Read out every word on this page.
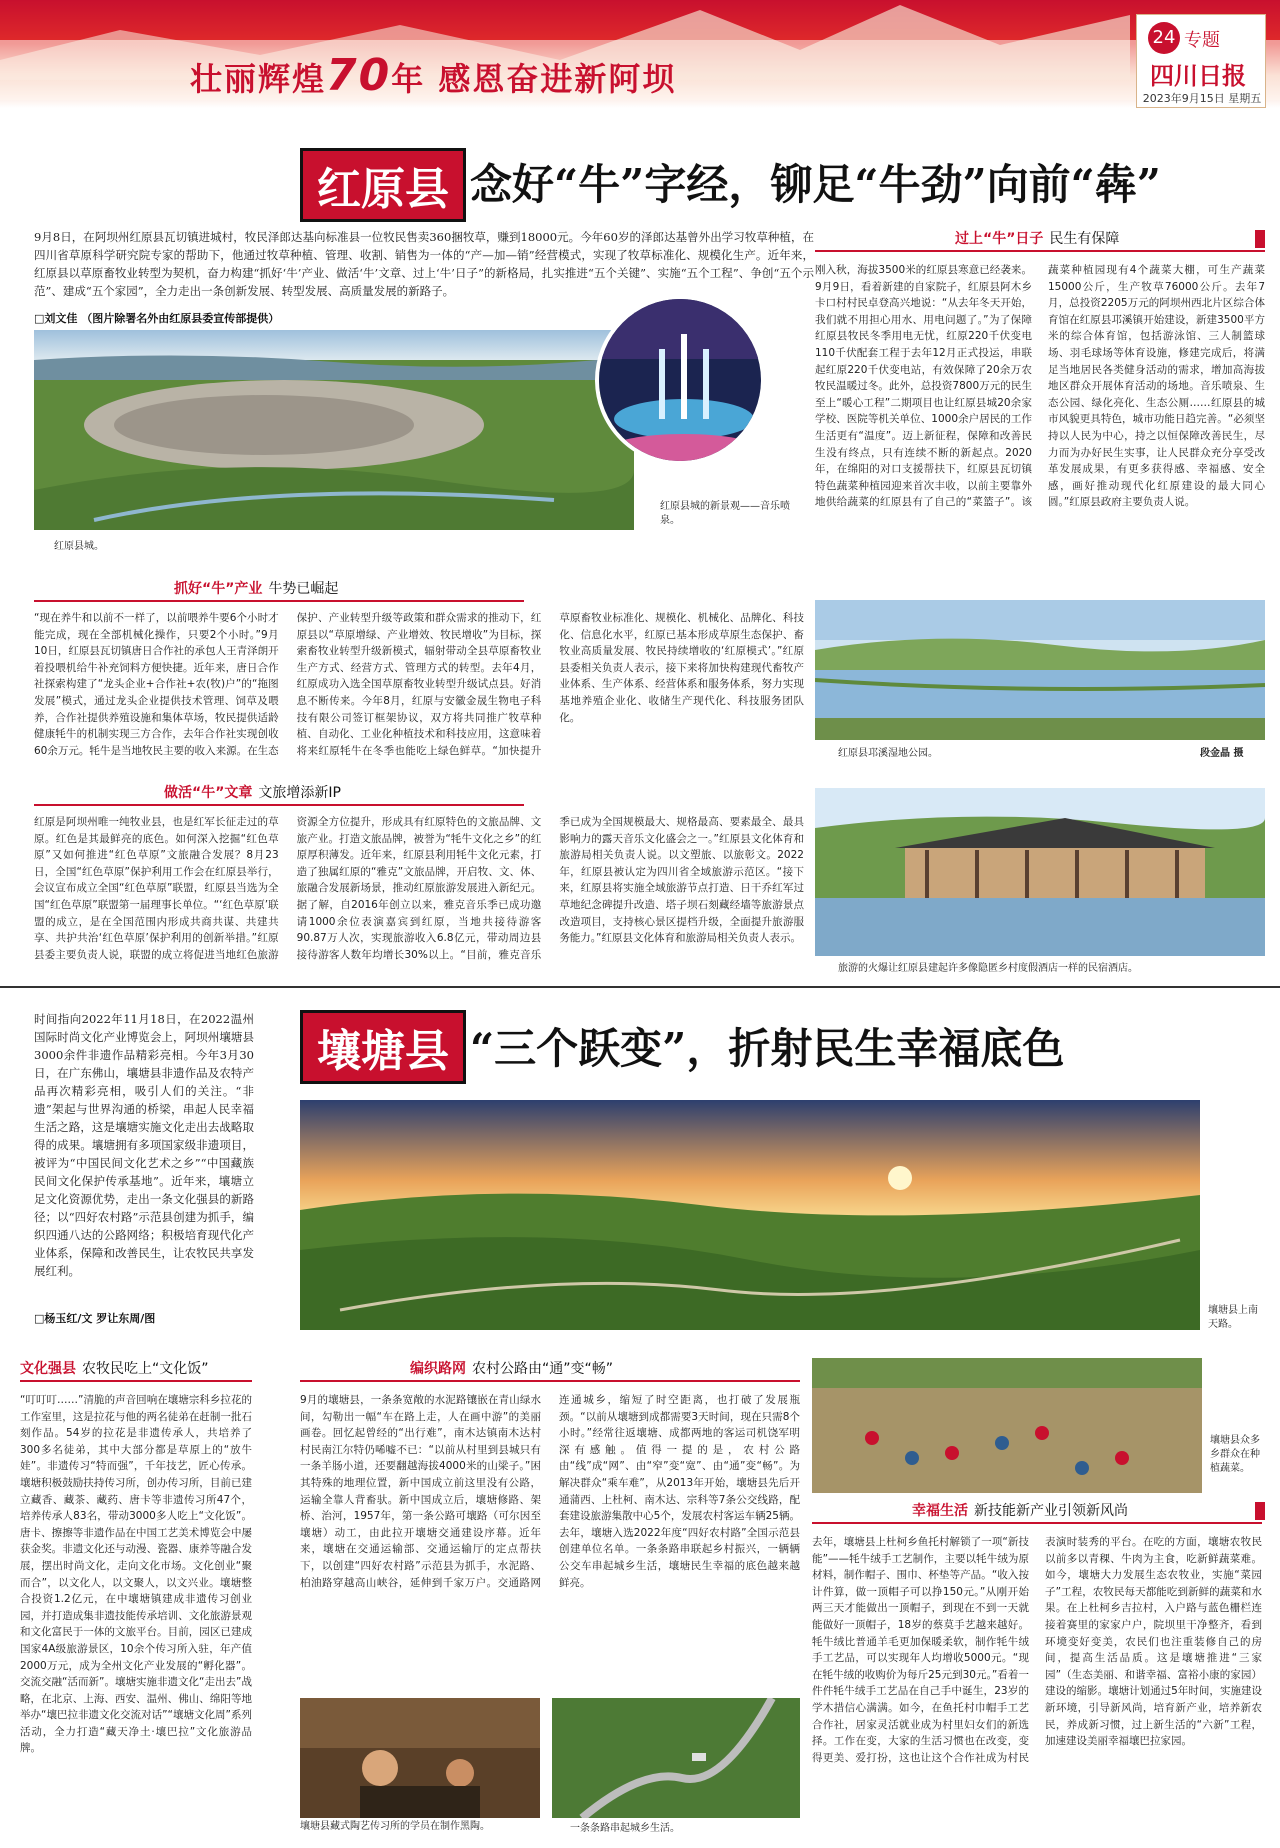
壮丽辉煌70年 感恩奋进新阿坝
24 专题
四川日报
2023年9月15日 星期五
红原县 念好“牛”字经，铆足“牛劲”向前“犇”
9月8日，在阿坝州红原县瓦切镇进城村，牧民泽郎达基向标准县一位牧民售卖360捆牧草，赚到18000元。今年60岁的泽郎达基曾外出学习牧草种植，在四川省草原科学研究院专家的帮助下，他通过牧草种植、管理、收割、销售为一体的“产—加—销”经营模式，实现了牧草标准化、规模化生产。近年来，红原县以草原畜牧业转型为契机，奋力构建“抓好‘牛’产业、做活‘牛’文章、过上‘牛’日子”的新格局，扎实推进“五个关键”、实施“五个工程”、争创“五个示范”、建成“五个家园”，全力走出一条创新发展、转型发展、高质量发展的新路子。
□刘文佳 （图片除署名外由红原县委宣传部提供）
红原县城。
红原县城的新景观——音乐喷泉。
过上“牛”日子 民生有保障
刚入秋，海拔3500米的红原县寒意已经袭来。9月9日，看着新建的自家院子，红原县阿木乡卡口村村民卓登高兴地说：“从去年冬天开始，我们就不用担心用水、用电问题了。”为了保障红原县牧民冬季用电无忧，红原220千伏变电110千伏配套工程于去年12月正式投运，串联起红原220千伏变电站，有效保障了20余万农牧民温暖过冬。此外，总投资7800万元的民生至上“暖心工程”二期项目也让红原县城20余家学校、医院等机关单位、1000余户居民的工作生活更有“温度”。迈上新征程，保障和改善民生没有终点，只有连续不断的新起点。2020年，在绵阳的对口支援帮扶下，红原县瓦切镇特色蔬菜种植园迎来首次丰收，以前主要靠外地供给蔬菜的红原县有了自己的“菜篮子”。该蔬菜种植园现有4个蔬菜大棚，可生产蔬菜15000公斤，生产牧草76000公斤。去年7月，总投资2205万元的阿坝州西北片区综合体育馆在红原县邛溪镇开始建设，新建3500平方米的综合体育馆，包括游泳馆、三人制篮球场、羽毛球场等体育设施，修建完成后，将满足当地居民各类健身活动的需求，增加高海拔地区群众开展体育活动的场地。音乐喷泉、生态公园、绿化亮化、生态公厕……红原县的城市风貌更具特色，城市功能日趋完善。“必须坚持以人民为中心，持之以恒保障改善民生，尽力而为办好民生实事，让人民群众充分享受改革发展成果，有更多获得感、幸福感、安全感，画好推动现代化红原建设的最大同心圆。”红原县政府主要负责人说。
抓好“牛”产业 牛势已崛起
“现在养牛和以前不一样了，以前喂养牛要6个小时才能完成，现在全部机械化操作，只要2个小时。”9月10日，红原县瓦切镇唐日合作社的承包人王青泽朗开着投喂机给牛补充饲料方便快捷。近年来，唐日合作社探索构建了“龙头企业+合作社+农(牧)户”的“拖图发展”模式，通过龙头企业提供技术管理、饲草及喂养，合作社提供养殖设施和集体草场，牧民提供适龄健康牦牛的机制实现三方合作，去年合作社实现创收60余万元。牦牛是当地牧民主要的收入来源。在生态保护、产业转型升级等政策和群众需求的推动下，红原县以“草原增绿、产业增效、牧民增收”为目标，探索畜牧业转型升级新模式，辐射带动全县草原畜牧业生产方式、经营方式、管理方式的转型。去年4月，红原成功入选全国草原畜牧业转型升级试点县。好消息不断传来。今年8月，红原与安徽金晟生物电子科技有限公司签订框架协议，双方将共同推广牧草种植、自动化、工业化种植技术和科技应用，这意味着将来红原牦牛在冬季也能吃上绿色鲜草。“加快提升草原畜牧业标准化、规模化、机械化、品牌化、科技化、信息化水平，红原已基本形成草原生态保护、畜牧业高质量发展、牧民持续增收的‘红原模式’。”红原县委相关负责人表示，接下来将加快构建现代畜牧产业体系、生产体系、经营体系和服务体系，努力实现基地养殖企业化、收储生产现代化、科技服务团队化。
做活“牛”文章 文旅增添新IP
红原是阿坝州唯一纯牧业县，也是红军长征走过的草原。红色是其最鲜亮的底色。如何深入挖掘“红色草原”又如何推进“红色草原”文旅融合发展？8月23日，全国“红色草原”保护利用工作会在红原县举行，会议宣布成立全国“红色草原”联盟，红原县当选为全国“红色草原”联盟第一届理事长单位。“‘红色草原’联盟的成立，是在全国范围内形成共商共谋、共建共享、共护共治‘红色草原’保护利用的创新举措。”红原县委主要负责人说，联盟的成立将促进当地红色旅游资源全方位提升，形成具有红原特色的文旅品牌、文旅产业。打造文旅品牌，被誉为“牦牛文化之乡”的红原厚积薄发。近年来，红原县利用牦牛文化元素，打造了独属红原的“雅克”文旅品牌，开启牧、文、体、旅融合发展新场景，推动红原旅游发展进入新纪元。据了解，自2016年创立以来，雅克音乐季已成功邀请1000余位表演嘉宾到红原，当地共接待游客90.87万人次，实现旅游收入6.8亿元，带动周边县接待游客人数年均增长30%以上。“目前，雅克音乐季已成为全国规模最大、规格最高、要素最全、最具影响力的露天音乐文化盛会之一。”红原县文化体育和旅游局相关负责人说。以文塑旅、以旅彰文。2022年，红原县被认定为四川省全域旅游示范区。“接下来，红原县将实施全域旅游节点打造、日干乔红军过草地纪念碑提升改造、塔子坝石刻藏经墙等旅游景点改造项目，支持核心景区提档升级，全面提升旅游服务能力。”红原县文化体育和旅游局相关负责人表示。
红原县邛溪湿地公园。	段金晶 摄
旅游的火爆让红原县建起许多像隐匿乡村度假酒店一样的民宿酒店。
时间指向2022年11月18日，在2022温州国际时尚文化产业博览会上，阿坝州壤塘县3000余件非遗作品精彩亮相。今年3月30日，在广东佛山，壤塘县非遗作品及农特产品再次精彩亮相，吸引人们的关注。“非遗”架起与世界沟通的桥梁，串起人民幸福生活之路，这是壤塘实施文化走出去战略取得的成果。壤塘拥有多项国家级非遗项目，被评为“中国民间文化艺术之乡”“中国藏族民间文化保护传承基地”。近年来，壤塘立足文化资源优势，走出一条文化强县的新路径；以“四好农村路”示范县创建为抓手，编织四通八达的公路网络；积极培育现代化产业体系，保障和改善民生，让农牧民共享发展红利。
□杨玉红/文 罗让东周/图
壤塘县 “三个跃变”，折射民生幸福底色
壤塘县上南天路。
文化强县 农牧民吃上“文化饭”
“叮叮叮……”清脆的声音回响在壤塘宗科乡拉花的工作室里，这是拉花与他的两名徒弟在赶制一批石刻作品。54岁的拉花是非遗传承人，共培养了300多名徒弟，其中大部分都是草原上的“放牛娃”。非遗传习“特而强”，千年技艺，匠心传承。壤塘积极鼓励扶持传习所，创办传习所，目前已建立藏香、藏茶、藏药、唐卡等非遗传习所47个，培养传承人83名，带动3000多人吃上“文化饭”。唐卡、擦擦等非遗作品在中国工艺美术博览会中屡获金奖。非遗文化还与动漫、瓷器、康养等融合发展，摆出时尚文化，走向文化市场。文化创业“聚而合”，以文化人，以文聚人，以文兴业。壤塘整合投资1.2亿元，在中壤塘镇建成非遗传习创业园，并打造成集非遗技能传承培训、文化旅游景观和文化富民于一体的文旅平台。目前，园区已建成国家4A级旅游景区，10余个传习所入驻，年产值2000万元，成为全州文化产业发展的“孵化器”。交流交融“活而新”。壤塘实施非遗文化“走出去”战略，在北京、上海、西安、温州、佛山、绵阳等地举办“壤巴拉非遗文化交流对话”“壤塘文化周”系列活动，全力打造“藏天净土·壤巴拉”文化旅游品牌。
编织路网 农村公路由“通”变“畅”
9月的壤塘县，一条条宽敞的水泥路镶嵌在青山绿水间，勾勒出一幅“车在路上走，人在画中游”的美丽画卷。回忆起曾经的“出行难”，南木达镇南木达村村民南江尔特仍唏嘘不已：“以前从村里到县城只有一条羊肠小道，还要翻越海拔4000米的山梁子。”困其特殊的地理位置，新中国成立前这里没有公路，运输全靠人背畜驮。新中国成立后，壤塘修路、架桥、治河，1957年，第一条公路可壤路（可尔因至壤塘）动工，由此拉开壤塘交通建设序幕。近年来，壤塘在交通运输部、交通运输厅的定点帮扶下，以创建“四好农村路”示范县为抓手，水泥路、柏油路穿越高山峡谷，延伸到千家万户。交通路网连通城乡，缩短了时空距离，也打破了发展瓶颈。“以前从壤塘到成都需要3天时间，现在只需8个小时。”经常往返壤塘、成都两地的客运司机饶军明深有感触。值得一提的是，农村公路由“线”成“网”、由“窄”变“宽”、由“通”变“畅”。为解决群众“乘车难”，从2013年开始，壤塘县先后开通蒲西、上杜柯、南木达、宗科等7条公交线路，配套建设旅游集散中心5个，发展农村客运车辆25辆。去年，壤塘入选2022年度“四好农村路”全国示范县创建单位名单。一条条路串联起乡村振兴，一辆辆公交车串起城乡生活，壤塘民生幸福的底色越来越鲜亮。
壤塘县藏式陶艺传习所的学员在制作黑陶。	一条条路串起城乡生活。
壤塘县众多乡群众在种植蔬菜。
幸福生活 新技能新产业引领新风尚
去年，壤塘县上杜柯乡鱼托村解锁了一项“新技能”——牦牛绒手工艺制作，主要以牦牛绒为原材料，制作帽子、围巾、杯垫等产品。“收入按计件算，做一顶帽子可以挣150元。”从刚开始两三天才能做出一顶帽子，到现在不到一天就能做好一顶帽子，18岁的蔡莫手艺越来越好。牦牛绒比普通羊毛更加保暖柔软，制作牦牛绒手工艺品，可以实现年人均增收5000元。“现在牦牛绒的收购价为每斤25元到30元。”看着一件件牦牛绒手工艺品在自己手中诞生，23岁的学木措信心满满。如今，在鱼托村巾帽手工艺合作社，居家灵活就业成为村里妇女们的新选择。工作在变，大家的生活习惯也在改变，变得更美、爱打扮，这也让这个合作社成为村民表演时装秀的平台。在吃的方面，壤塘农牧民以前多以青稞、牛肉为主食，吃新鲜蔬菜难。如今，壤塘大力发展生态农牧业，实施“菜园子”工程，农牧民每天都能吃到新鲜的蔬菜和水果。在上杜柯乡吉拉村，入户路与蓝色栅栏连接着赛里的家家户户，院坝里干净整齐，看到环境变好变美，农民们也注重装修自己的房间，提高生活品质。这是壤塘推进“三家园”（生态美丽、和谐幸福、富裕小康的家园）建设的缩影。壤塘计划通过5年时间，实施建设新环境，引导新风尚，培育新产业，培养新农民，养成新习惯，过上新生活的“六新”工程，加速建设美丽幸福壤巴拉家园。
